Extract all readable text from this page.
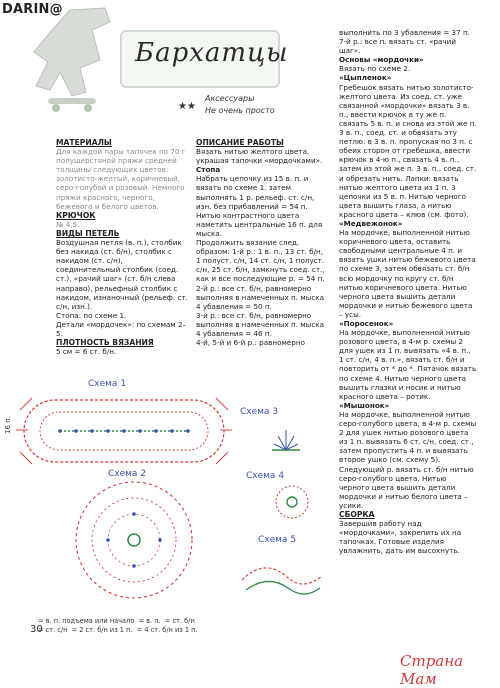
DARIN@
Бархатцы
★★
Аксессуары
Не очень просто

МАТЕРИАЛЫ

Для каждой пары тапочек по 70 г полушерстяной пряжи средней толщины следующих цветов: золотисто-желтый, коричневый, серо-голубой и розовый. Немного пряжи красного, черного, бежевого и белого цветов.

КРЮЧОК

№ 4,5.

ВИДЫ ПЕТЕЛЬ

Воздушная петля (в. п.), столбик без накида (ст. б/н), столбик с накидом (ст. с/н), соединительный столбик (соед. ст.), «рачий шаг» (ст. б/н слева направо), рельефный столбик с накидом, изнаночный (рельеф. ст. с/н, изн.).

Стопа: по схеме 1.

Детали «мордочек»: по схемам 2–5.

ПЛОТНОСТЬ ВЯЗАНИЯ

5 см = 6 ст. б/н.

ОПИСАНИЕ РАБОТЫ

Вязать нитью желтого цвета, украшая тапочки «мордочками».

Стопа

Набрать цепочку из 15 в. п. и вязать по схеме 1. затем выполнять 1 р. рельеф. ст. с/н, изн. без прибавлений = 54 п. Нитью контрастного цвета наметить центральные 16 п. для мыска.

Продолжить вязание след. образом: 1-й р.: 1 в. п., 13 ст. б/н, 1 полуст. с/н, 14 ст. с/н, 1 полуст. с/н, 25 ст. б/н, замкнуть соед. ст., как и все последующие р. = 54 п. 2-й р.: все ст. б/н, равномерно выполняя в намеченных п. мыска 4 убавления = 50 п.

3-й р.: все ст. б/н, равномерно выполняя в намеченных п. мыска 4 убавления = 46 п.

4-й, 5-й и 6-й р.: равномерно

выполнить по 3 убавления = 37 п.

7-й р.: все п. вязать ст. «рачий шаг».

Основы «мордочки»

Вязать по схеме 2.

«Цыпленок»

Гребешок вязать нитью золотисто-желтого цвета. Из соед. ст. уже связанной «мордочки» вязать 3 в. п., ввести крючок в ту же п. связать 5 в. п. и снова из этой же п. 3 в. п., соед. ст. и обвязать эту петлю: в 3 в. п. пропуская по 3 п. с обеих сторон от гребешка, ввести крючок в 4-ю п., связать 4 в. п., затем из этой же п. 3 в. п., соед. ст. и обрезать нить. Лапки: вязать нитью желтого цвета из 1 п. 3 цепочки из 5 в. п. Нитью черного цвета вышить глаза, а нитью красного цвета – клюв (см. фото).

«Медвежонок»

На мордочке, выполненной нитью коричневого цвета, оставить свободными центральные 4 п. и вязать ушки нитью бежевого цвета по схеме 3, затем обвязать ст. б/н всю мордочку по кругу ст. б/н нитью коричневого цвета. Нитью черного цвета вышить детали мордочки и нитью бежевого цвета – усы.

«Поросенок»

На мордочке, выполненной нитью розового цвета, в 4-м р. схемы 2 для ушек из 1 п. вывязать «4 в. п., 1 ст. с/н, 4 в. п.», вязать ст. б/н и повторить от * до *. Пятачок вязать по схеме 4. Нитью черного цвета вышить глазки и носик и нитью красного цвета – ротик.

«Мышонок»

На мордочке, выполненной нитью серо-голубого цвета, в 4-м р. схемы 2 для ушек нитью розового цвета из 1 п. вывязать 6 ст. с/н, соед. ст., затем пропустить 4 п. и вывязать второе ушко (см. схему 5). Следующий р. вязать ст. б/н нитью серо-голубого цвета. Нитью черного цвета вышить детали мордочки и нитью белого цвета – усики.

СБОРКА

Завершив работу над «мордочками», закрепить их на тапочках. Готовые изделия увлажнить, дать им высохнуть.

Схема 1
16 п.
Схема 2
Схема 3
Схема 4
Схема 5
= в. п. подъема или начало = в. п. = ст. б/н
= ст. с/н = 2 ст. б/н из 1 п. = 4 ст. б/н из 1 п.
30
Страна Мам
